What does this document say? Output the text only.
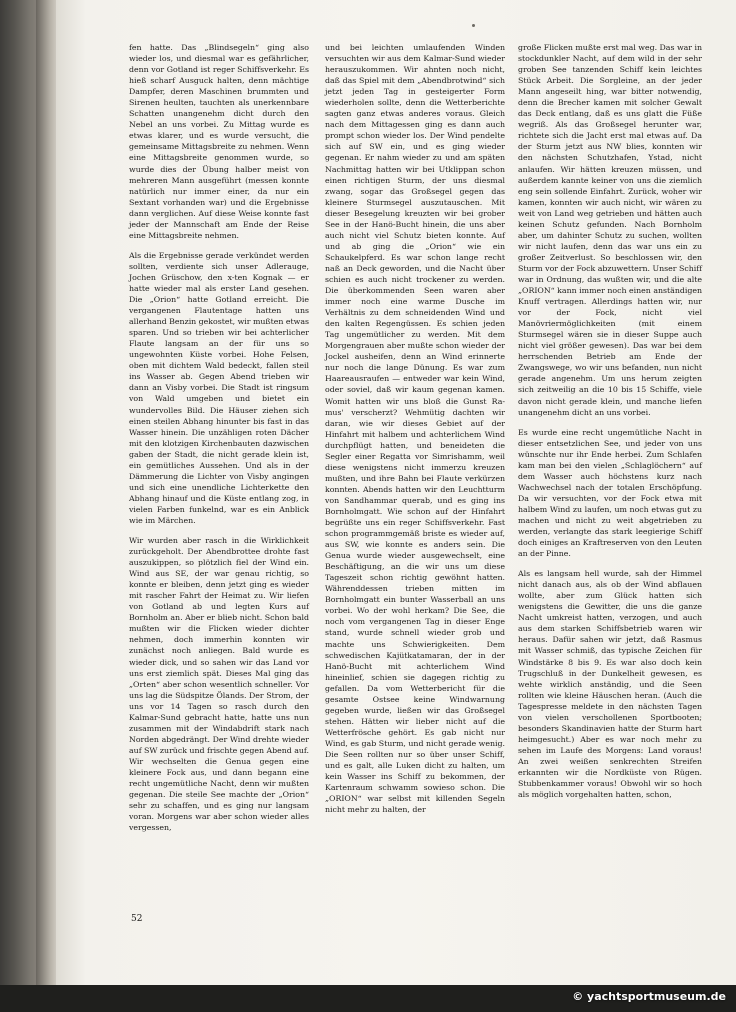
fen hatte. Das „Blindsegeln“ ging also wieder los, und diesmal war es gefährlicher, denn vor Gotland ist reger Schiffsverkehr. Es hieß scharf Ausguck halten, denn mächtige Dampfer, deren Maschinen brummten und Sirenen heulten, tauchten als unerkennbare Schatten unangenehm dicht durch den Nebel an uns vorbei. Zu Mittag wurde es etwas klarer, und es wurde versucht, die gemeinsame Mittagsbreite zu nehmen. Wenn eine Mittagsbreite genommen wurde, so wurde dies der Übung halber meist von mehreren Mann ausgeführt (messen konnte natürlich nur immer einer, da nur ein Sextant vorhanden war) und die Ergebnisse dann verglichen. Auf diese Weise konnte fast jeder der Mannschaft am Ende der Reise eine Mittagsbreite nehmen.

Als die Ergebnisse gerade verkündet werden sollten, verdiente sich unser Adlerauge, Jochen Grüschow, den x-ten Kognak — er hatte wieder mal als erster Land gesehen. Die „Orion“ hatte Gotland erreicht. Die vergangenen Flautentage hatten uns allerhand Benzin gekostet, wir mußten etwas sparen. Und so trieben wir bei achterlicher Flaute langsam an der für uns so ungewohnten Küste vorbei. Hohe Felsen, oben mit dichtem Wald bedeckt, fallen steil ins Wasser ab. Gegen Abend trieben wir dann an Visby vorbei. Die Stadt ist ringsum von Wald umgeben und bietet ein wundervolles Bild. Die Häuser ziehen sich einen steilen Abhang hinunter bis fast in das Wasser hinein. Die unzähligen roten Dächer mit den klotzigen Kirchenbauten dazwischen gaben der Stadt, die nicht gerade klein ist, ein gemütliches Aussehen. Und als in der Dämmerung die Lichter von Visby angingen und sich eine unendliche Lichterkette den Abhang hinauf und die Küste entlang zog, in vielen Farben funkelnd, war es ein Anblick wie im Märchen.

Wir wurden aber rasch in die Wirklichkeit zurückgeholt. Der Abendbrottee drohte fast auszukippen, so plötzlich fiel der Wind ein. Wind aus SE, der war genau richtig, so konnte er bleiben, denn jetzt ging es wieder mit rascher Fahrt der Heimat zu. Wir liefen von Gotland ab und legten Kurs auf Bornholm an. Aber er blieb nicht. Schon bald mußten wir die Flicken wieder dichter nehmen, doch immerhin konnten wir zunächst noch anliegen. Bald wurde es wieder dick, und so sahen wir das Land vor uns erst ziemlich spät. Dieses Mal ging das „Orten“ aber schon wesentlich schneller. Vor uns lag die Südspitze Ölands. Der Strom, der uns vor 14 Tagen so rasch durch den Kalmar-Sund gebracht hatte, hatte uns nun zusammen mit der Windabdrift stark nach Norden abgedrängt. Der Wind drehte wieder auf SW zurück und frischte gegen Abend auf. Wir wechselten die Genua gegen eine kleinere Fock aus, und dann begann eine recht ungemütliche Nacht, denn wir mußten gegenan. Die steile See machte der „Orion“ sehr zu schaffen, und es ging nur langsam voran. Morgens war aber schon wieder alles vergessen,

und bei leichten umlaufenden Winden versuchten wir aus dem Kalmar-Sund wieder herauszukommen. Wir ahnten noch nicht, daß das Spiel mit dem „Abendbrotwind“ sich jetzt jeden Tag in gesteigerter Form wiederholen sollte, denn die Wetterberichte sagten ganz etwas anderes voraus. Gleich nach dem Mittagessen ging es dann auch prompt schon wieder los. Der Wind pendelte sich auf SW ein, und es ging wieder gegenan. Er nahm wieder zu und am späten Nachmittag hatten wir bei Utklippan schon einen richtigen Sturm, der uns diesmal zwang, sogar das Großsegel gegen das kleinere Sturmsegel auszutauschen. Mit dieser Besegelung kreuzten wir bei grober See in der Hanö-Bucht hinein, die uns aber auch nicht viel Schutz bieten konnte. Auf und ab ging die „Orion“ wie ein Schaukelpferd. Es war schon lange recht naß an Deck geworden, und die Nacht über schien es auch nicht trockener zu werden. Die überkommenden Seen waren aber immer noch eine warme Dusche im Verhältnis zu dem schneidenden Wind und den kalten Regengüssen. Es schien jeden Tag ungemütlicher zu werden. Mit dem Morgengrauen aber mußte schon wieder der Jockel ausheifen, denn an Wind erinnerte nur noch die lange Dünung. Es war zum Haareausraufen — entweder war kein Wind, oder soviel, daß wir kaum gegenan kamen. Womit hatten wir uns bloß die Gunst Ra-mus' verscherzt? Wehmütig dachten wir daran, wie wir dieses Gebiet auf der Hinfahrt mit halbem und achterlichem Wind durchpflügt hatten, und beneideten die Segler einer Regatta vor Simrishamm, weil diese wenigstens nicht immerzu kreuzen mußten, und ihre Bahn bei Flaute verkürzen konnten. Abends hatten wir den Leuchtturm von Sandhammar querab, und es ging ins Bornholmgatt. Wie schon auf der Hinfahrt begrüßte uns ein reger Schiffsverkehr. Fast schon programmgemäß briste es wieder auf, aus SW, wie konnte es anders sein. Die Genua wurde wieder ausgewechselt, eine Beschäftigung, an die wir uns um diese Tageszeit schon richtig gewöhnt hatten. Währenddessen trieben mitten im Bornholmgatt ein bunter Wasserball an uns vorbei. Wo der wohl herkam? Die See, die noch vom vergangenen Tag in dieser Enge stand, wurde schnell wieder grob und machte uns Schwierigkeiten. Dem schwedischen Kajütkatamaran, der in der Hanö-Bucht mit achterlichem Wind hineinlief, schien sie dagegen richtig zu gefallen. Da vom Wetterbericht für die gesamte Ostsee keine Windwarnung gegeben wurde, ließen wir das Großsegel stehen. Hätten wir lieber nicht auf die Wetterfrösche gehört. Es gab nicht nur Wind, es gab Sturm, und nicht gerade wenig. Die Seen rollten nur so über unser Schiff, und es galt, alle Luken dicht zu halten, um kein Wasser ins Schiff zu bekommen, der Kartenraum schwamm sowieso schon. Die „ORION“ war selbst mit killenden Segeln nicht mehr zu halten, der

große Flicken mußte erst mal weg. Das war in stockdunkler Nacht, auf dem wild in der sehr groben See tanzenden Schiff kein leichtes Stück Arbeit. Die Sorgleine, an der jeder Mann angeseilt hing, war bitter notwendig, denn die Brecher kamen mit solcher Gewalt das Deck entlang, daß es uns glatt die Füße wegriß. Als das Großsegel herunter war, richtete sich die Jacht erst mal etwas auf. Da der Sturm jetzt aus NW blies, konnten wir den nächsten Schutzhafen, Ystad, nicht anlaufen. Wir hätten kreuzen müssen, und außerdem kannte keiner von uns die ziemlich eng sein sollende Einfahrt. Zurück, woher wir kamen, konnten wir auch nicht, wir wären zu weit von Land weg getrieben und hätten auch keinen Schutz gefunden. Nach Bornholm aber, um dahinter Schutz zu suchen, wollten wir nicht laufen, denn das war uns ein zu großer Zeitverlust. So beschlossen wir, den Sturm vor der Fock abzuwettern. Unser Schiff war in Ordnung, das wußten wir, und die alte „ORION“ kann immer noch einen anständigen Knuff vertragen. Allerdings hatten wir, nur vor der Fock, nicht viel Manövriermöglichkeiten (mit einem Sturmsegel wären sie in dieser Suppe auch nicht viel größer gewesen). Das war bei dem herrschenden Betrieb am Ende der Zwangswege, wo wir uns befanden, nun nicht gerade angenehm. Um uns herum zeigten sich zeitweilig an die 10 bis 15 Schiffe, viele davon nicht gerade klein, und manche liefen unangenehm dicht an uns vorbei.

Es wurde eine recht ungemütliche Nacht in dieser entsetzlichen See, und jeder von uns wünschte nur ihr Ende herbei. Zum Schlafen kam man bei den vielen „Schlaglöchern“ auf dem Wasser auch höchstens kurz nach Wachwechsel nach der totalen Erschöpfung. Da wir versuchten, vor der Fock etwa mit halbem Wind zu laufen, um noch etwas gut zu machen und nicht zu weit abgetrieben zu werden, verlangte das stark leegierige Schiff doch einiges an Kraftreserven von den Leuten an der Pinne.

Als es langsam hell wurde, sah der Himmel nicht danach aus, als ob der Wind abflauen wollte, aber zum Glück hatten sich wenigstens die Gewitter, die uns die ganze Nacht umkreist hatten, verzogen, und auch aus dem starken Schiffsbetrieb waren wir heraus. Dafür sahen wir jetzt, daß Rasmus mit Wasser schmiß, das typische Zeichen für Windstärke 8 bis 9. Es war also doch kein Trugschluß in der Dunkelheit gewesen, es wehte wirklich anständig, und die Seen rollten wie kleine Häuschen heran. (Auch die Tagespresse meldete in den nächsten Tagen von vielen verschollenen Sportbooten; besonders Skandinavien hatte der Sturm hart heimgesucht.) Aber es war noch mehr zu sehen im Laufe des Morgens: Land voraus! An zwei weißen senkrechten Streifen erkannten wir die Nordküste von Rügen. Stubbenkammer voraus! Obwohl wir so hoch als möglich vorgehalten hatten, schon,

52
© yachtsportmuseum.de
